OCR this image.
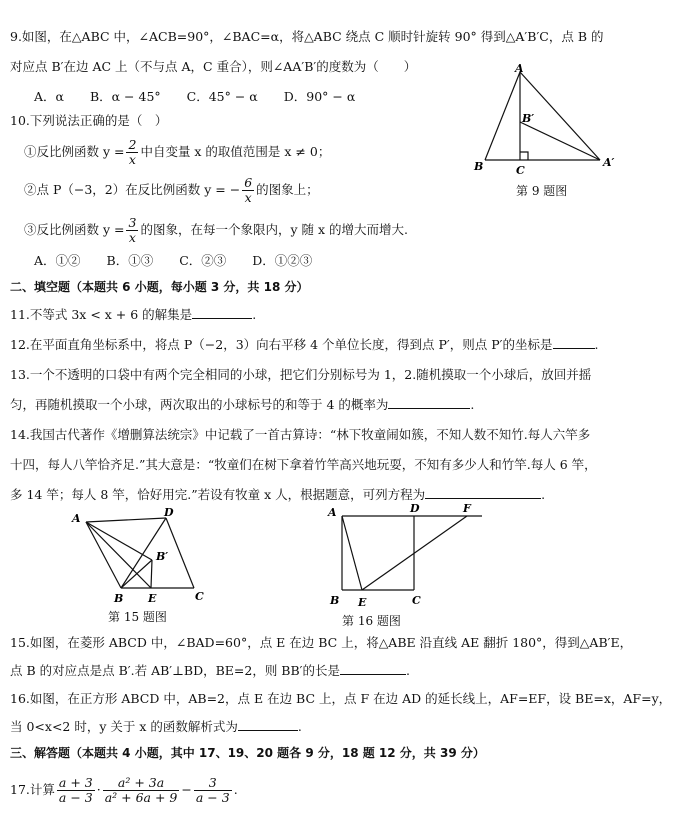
9.如图，在△ABC 中，∠ACB=90°，∠BAC=α，将△ABC 绕点 C 顺时针旋转 90° 得到△A′B′C，点 B 的
对应点 B′在边 AC 上（不与点 A，C 重合），则∠AA′B′的度数为（　　）
A．α B．α − 45° C．45° − α D．90° − α
A
B	C
B′
A′
第 9 题图
10.下列说法正确的是（　）
①反比例函数 $y = \frac{2}{x}$ 中自变量 x 的取值范围是 x ≠ 0；
②点 P（−3，2）在反比例函数 y = − $\frac{6}{x}$ 的图象上；
③反比例函数 $y = \frac{3}{x}$ 的图象，在每一个象限内，y 随 x 的增大而增大.
A．①② B．①③ C．②③ D．①②③
二、填空题（本题共 6 小题，每小题 3 分，共 18 分）
11.不等式 3x < x + 6 的解集是	.
12.在平面直角坐标系中，将点 P（−2，3）向右平移 4 个单位长度，得到点 P′，则点 P′的坐标是	.
13.一个不透明的口袋中有两个完全相同的小球，把它们分别标号为 1，2.随机摸取一个小球后，放回并摇
匀，再随机摸取一个小球，两次取出的小球标号的和等于 4 的概率为	.
14.我国古代著作《增删算法统宗》中记载了一首古算诗：“林下牧童闹如簇，不知人数不知竹.每人六竿多
十四，每人八竿恰齐足.”其大意是：“牧童们在树下拿着竹竿高兴地玩耍，不知有多少人和竹竿.每人 6 竿，
多 14 竿；每人 8 竿，恰好用完.”若设有牧童 x 人，根据题意，可列方程为	.
A	D
B′
B E	C
第 15 题图
A	D	F
B E	C
第 16 题图
15.如图，在菱形 ABCD 中，∠BAD=60°，点 E 在边 BC 上，将△ABE 沿直线 AE 翻折 180°，得到△AB′E，
点 B 的对应点是点 B′.若 AB′⊥BD，BE=2，则 BB′的长是	.
16.如图，在正方形 ABCD 中，AB=2，点 E 在边 BC 上，点 F 在边 AD 的延长线上，AF=EF，设 BE=x，AF=y，
当 0<x<2 时，y 关于 x 的函数解析式为	.
三、解答题（本题共 4 小题，其中 17、19、20 题各 9 分，18 题 12 分，共 39 分）
17.计算 $\frac{a + 3}{a - 3} \cdot \frac{\text{a² + 3a}}{\text{a² + 6a + 9}} - \frac{3}{a - 3}$ .
